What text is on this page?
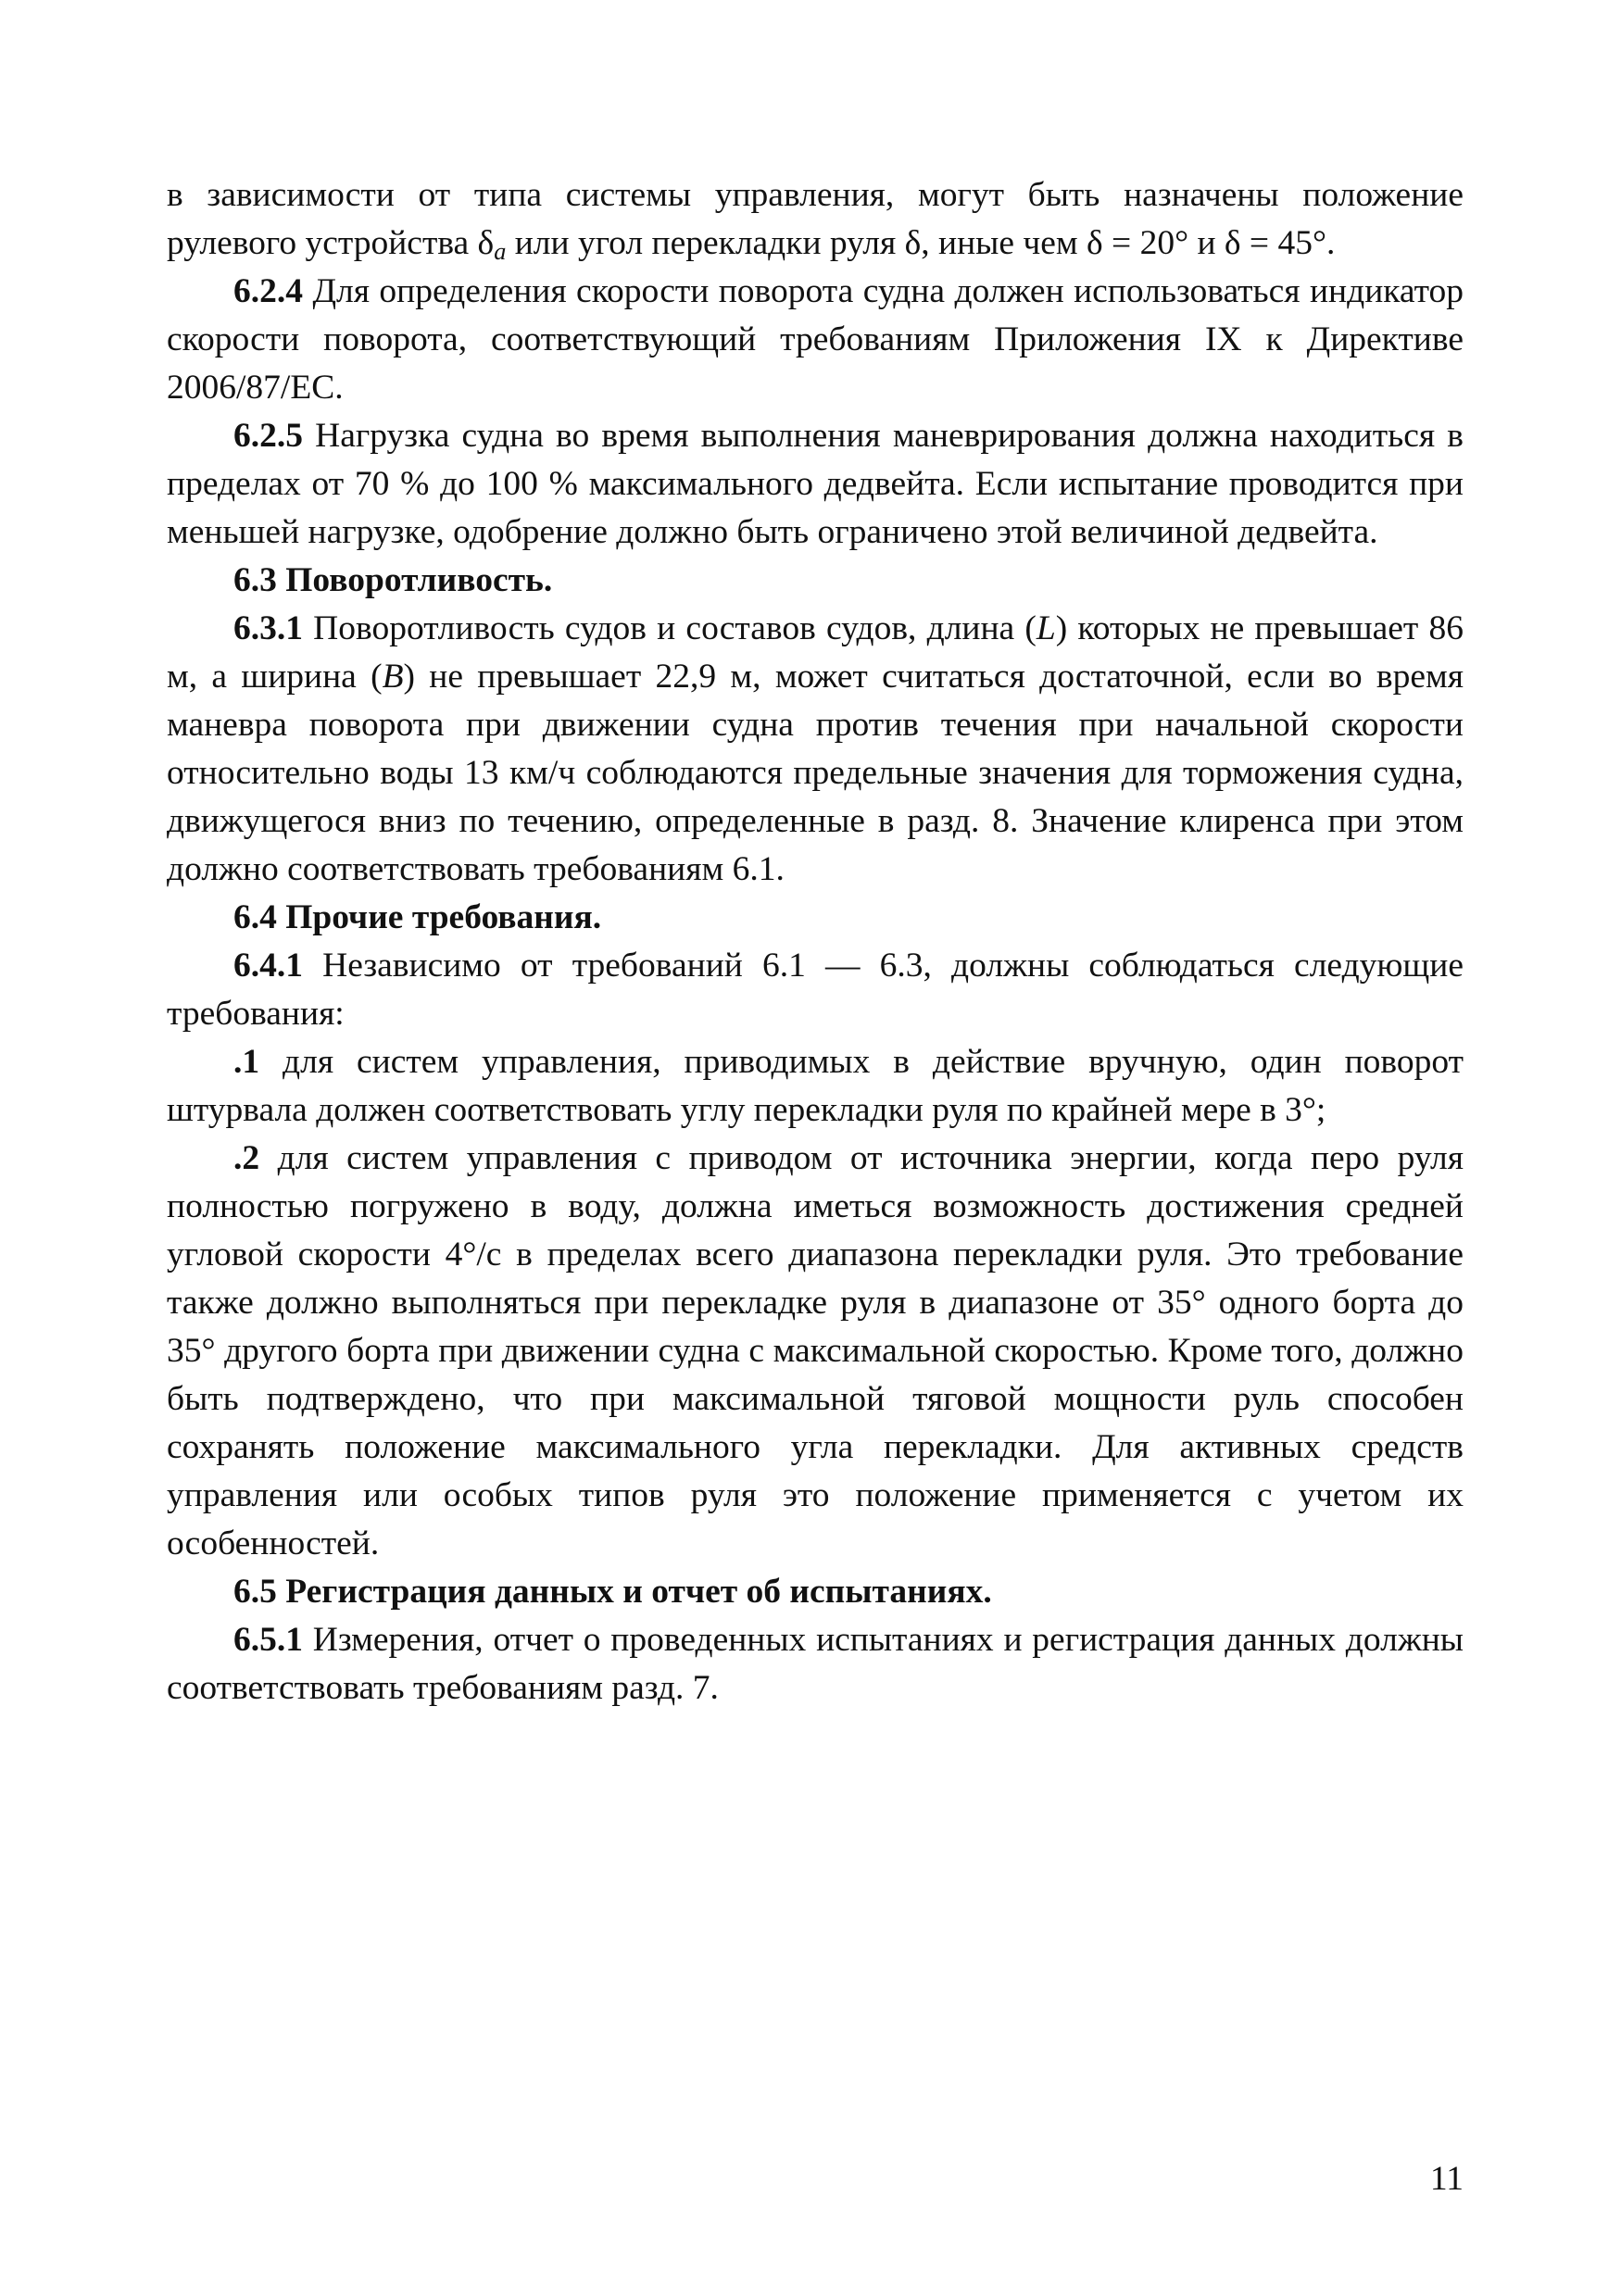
в зависимости от типа системы управления, могут быть назначены положение рулевого устройства $\delta_a$ или угол перекладки руля δ, иные чем δ = 20° и δ = 45°.

6.2.4 Для определения скорости поворота судна должен использоваться индикатор скорости поворота, соответствующий требованиям Приложения IX к Директиве 2006/87/ЕС.

6.2.5 Нагрузка судна во время выполнения маневрирования должна находиться в пределах от 70 % до 100 % максимального дедвейта. Если испытание проводится при меньшей нагрузке, одобрение должно быть ограничено этой величиной дедвейта.

6.3 Поворотливость.

6.3.1 Поворотливость судов и составов судов, длина (L) которых не превышает 86 м, а ширина (B) не превышает 22,9 м, может считаться достаточной, если во время маневра поворота при движении судна против течения при начальной скорости относительно воды 13 км/ч соблюдаются предельные значения для торможения судна, движущегося вниз по течению, определенные в разд. 8. Значение клиренса при этом должно соответствовать требованиям 6.1.

6.4 Прочие требования.

6.4.1 Независимо от требований 6.1 — 6.3, должны соблюдаться следующие требования:

.1 для систем управления, приводимых в действие вручную, один поворот штурвала должен соответствовать углу перекладки руля по крайней мере в 3°;

.2 для систем управления с приводом от источника энергии, когда перо руля полностью погружено в воду, должна иметься возможность достижения средней угловой скорости 4°/с в пределах всего диапазона перекладки руля. Это требование также должно выполняться при перекладке руля в диапазоне от 35° одного борта до 35° другого борта при движении судна с максимальной скоростью. Кроме того, должно быть подтверждено, что при максимальной тяговой мощности руль способен сохранять положение максимального угла перекладки. Для активных средств управления или особых типов руля это положение применяется с учетом их особенностей.

6.5 Регистрация данных и отчет об испытаниях.

6.5.1 Измерения, отчет о проведенных испытаниях и регистрация данных должны соответствовать требованиям разд. 7.

11
